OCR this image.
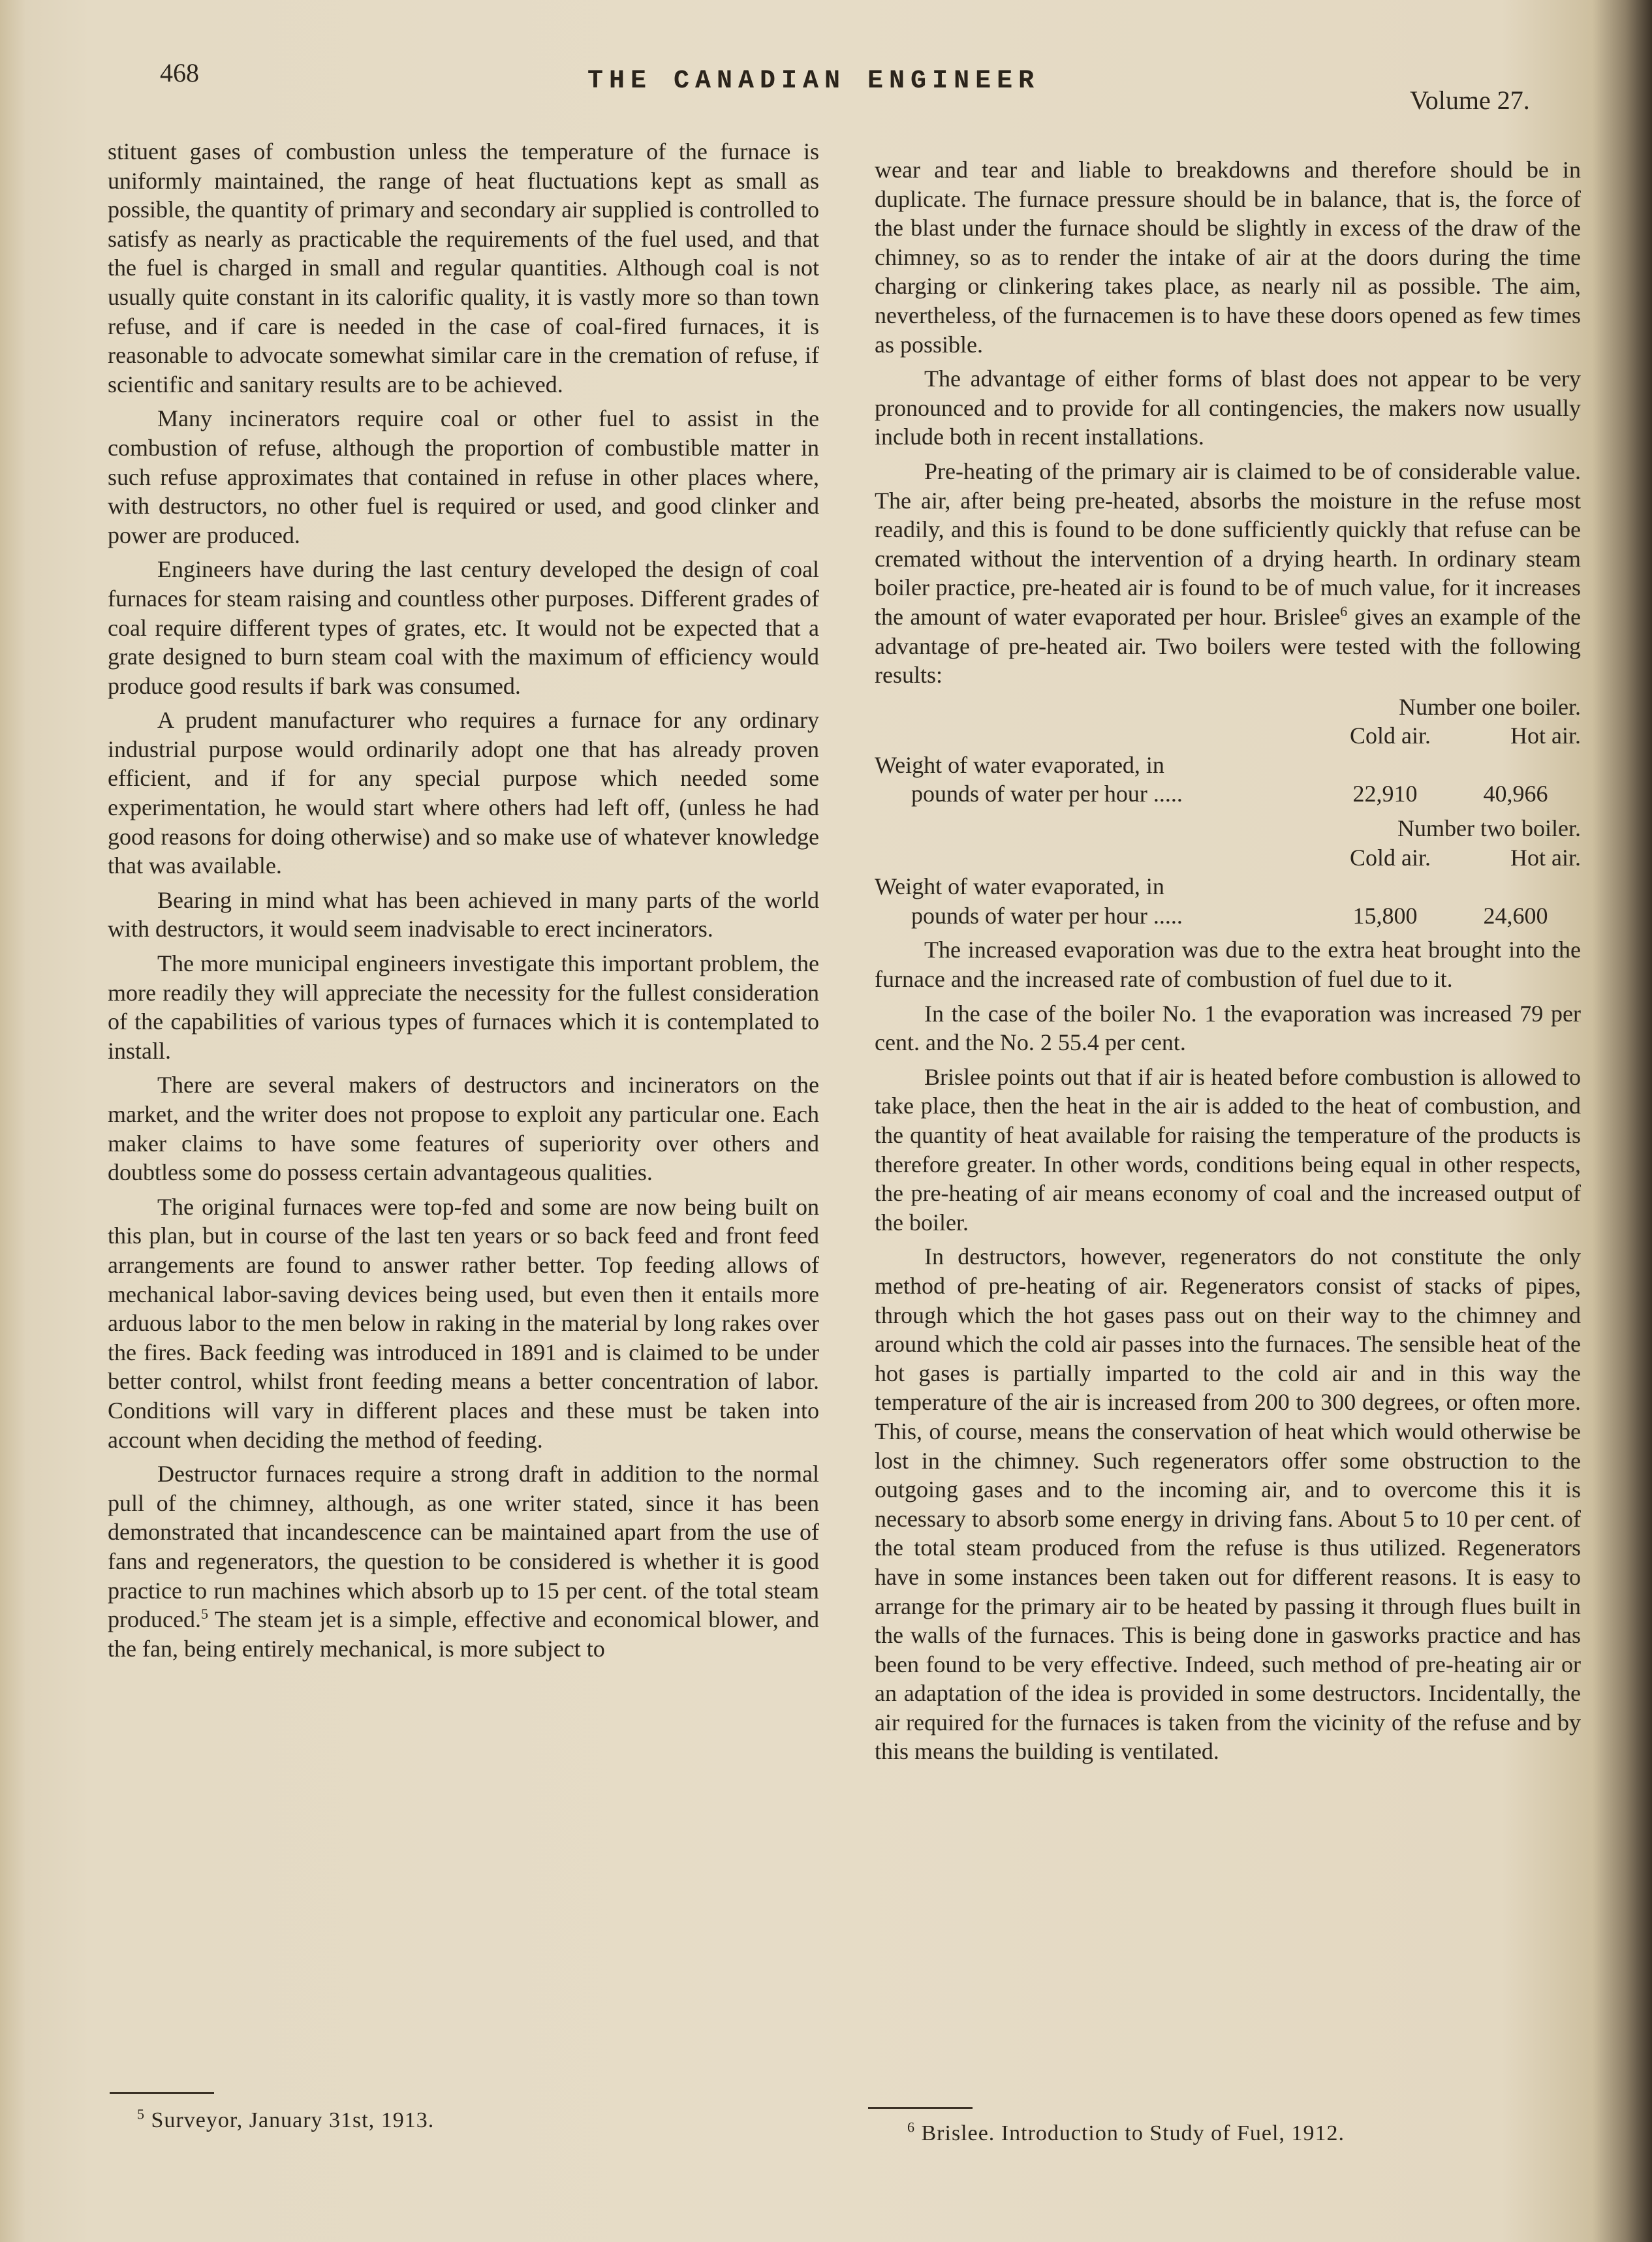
468	THE CANADIAN ENGINEER
Volume 27.

stituent gases of combustion unless the temperature of the furnace is uniformly maintained, the range of heat fluctuations kept as small as possible, the quantity of primary and secondary air supplied is controlled to satisfy as nearly as practicable the requirements of the fuel used, and that the fuel is charged in small and regular quantities. Although coal is not usually quite constant in its calorific quality, it is vastly more so than town refuse, and if care is needed in the case of coal-fired furnaces, it is reasonable to advocate somewhat similar care in the cremation of refuse, if scientific and sanitary results are to be achieved.

Many incinerators require coal or other fuel to assist in the combustion of refuse, although the proportion of combustible matter in such refuse approximates that contained in refuse in other places where, with destructors, no other fuel is required or used, and good clinker and power are produced.

Engineers have during the last century developed the design of coal furnaces for steam raising and countless other purposes. Different grades of coal require different types of grates, etc. It would not be expected that a grate designed to burn steam coal with the maximum of efficiency would produce good results if bark was consumed.

A prudent manufacturer who requires a furnace for any ordinary industrial purpose would ordinarily adopt one that has already proven efficient, and if for any special purpose which needed some experimentation, he would start where others had left off, (unless he had good reasons for doing otherwise) and so make use of whatever knowledge that was available.

Bearing in mind what has been achieved in many parts of the world with destructors, it would seem inadvisable to erect incinerators.

The more municipal engineers investigate this important problem, the more readily they will appreciate the necessity for the fullest consideration of the capabilities of various types of furnaces which it is contemplated to install.

There are several makers of destructors and incinerators on the market, and the writer does not propose to exploit any particular one. Each maker claims to have some features of superiority over others and doubtless some do possess certain advantageous qualities.

The original furnaces were top-fed and some are now being built on this plan, but in course of the last ten years or so back feed and front feed arrangements are found to answer rather better. Top feeding allows of mechanical labor-saving devices being used, but even then it entails more arduous labor to the men below in raking in the material by long rakes over the fires. Back feeding was introduced in 1891 and is claimed to be under better control, whilst front feeding means a better concentration of labor. Conditions will vary in different places and these must be taken into account when deciding the method of feeding.

Destructor furnaces require a strong draft in addition to the normal pull of the chimney, although, as one writer stated, since it has been demonstrated that incandescence can be maintained apart from the use of fans and regenerators, the question to be considered is whether it is good practice to run machines which absorb up to 15 per cent. of the total steam produced.$^5$ The steam jet is a simple, effective and economical blower, and the fan, being entirely mechanical, is more subject to

$^5$ Surveyor, January 31st, 1913.

wear and tear and liable to breakdowns and therefore should be in duplicate. The furnace pressure should be in balance, that is, the force of the blast under the furnace should be slightly in excess of the draw of the chimney, so as to render the intake of air at the doors during the time charging or clinkering takes place, as nearly nil as possible. The aim, nevertheless, of the furnacemen is to have these doors opened as few times as possible.

The advantage of either forms of blast does not appear to be very pronounced and to provide for all contingencies, the makers now usually include both in recent installations.

Pre-heating of the primary air is claimed to be of considerable value. The air, after being pre-heated, absorbs the moisture in the refuse most readily, and this is found to be done sufficiently quickly that refuse can be cremated without the intervention of a drying hearth. In ordinary steam boiler practice, pre-heated air is found to be of much value, for it increases the amount of water evaporated per hour. Brislee$^6$ gives an example of the advantage of pre-heated air. Two boilers were tested with the following results:

Number one boiler.
Cold air.	Hot air.
Weight of water evaporated, in
pounds of water per hour .....	22,910	40,966
Number two boiler.
Cold air.	Hot air.
Weight of water evaporated, in
pounds of water per hour .....	15,800	24,600

The increased evaporation was due to the extra heat brought into the furnace and the increased rate of combustion of fuel due to it.

In the case of the boiler No. 1 the evaporation was increased 79 per cent. and the No. 2 55.4 per cent.

Brislee points out that if air is heated before combustion is allowed to take place, then the heat in the air is added to the heat of combustion, and the quantity of heat available for raising the temperature of the products is therefore greater. In other words, conditions being equal in other respects, the pre-heating of air means economy of coal and the increased output of the boiler.

In destructors, however, regenerators do not constitute the only method of pre-heating of air. Regenerators consist of stacks of pipes, through which the hot gases pass out on their way to the chimney and around which the cold air passes into the furnaces. The sensible heat of the hot gases is partially imparted to the cold air and in this way the temperature of the air is increased from 200 to 300 degrees, or often more. This, of course, means the conservation of heat which would otherwise be lost in the chimney. Such regenerators offer some obstruction to the outgoing gases and to the incoming air, and to overcome this it is necessary to absorb some energy in driving fans. About 5 to 10 per cent. of the total steam produced from the refuse is thus utilized. Regenerators have in some instances been taken out for different reasons. It is easy to arrange for the primary air to be heated by passing it through flues built in the walls of the furnaces. This is being done in gasworks practice and has been found to be very effective. Indeed, such method of pre-heating air or an adaptation of the idea is provided in some destructors. Incidentally, the air required for the furnaces is taken from the vicinity of the refuse and by this means the building is ventilated.

$^6$ Brislee. Introduction to Study of Fuel, 1912.
